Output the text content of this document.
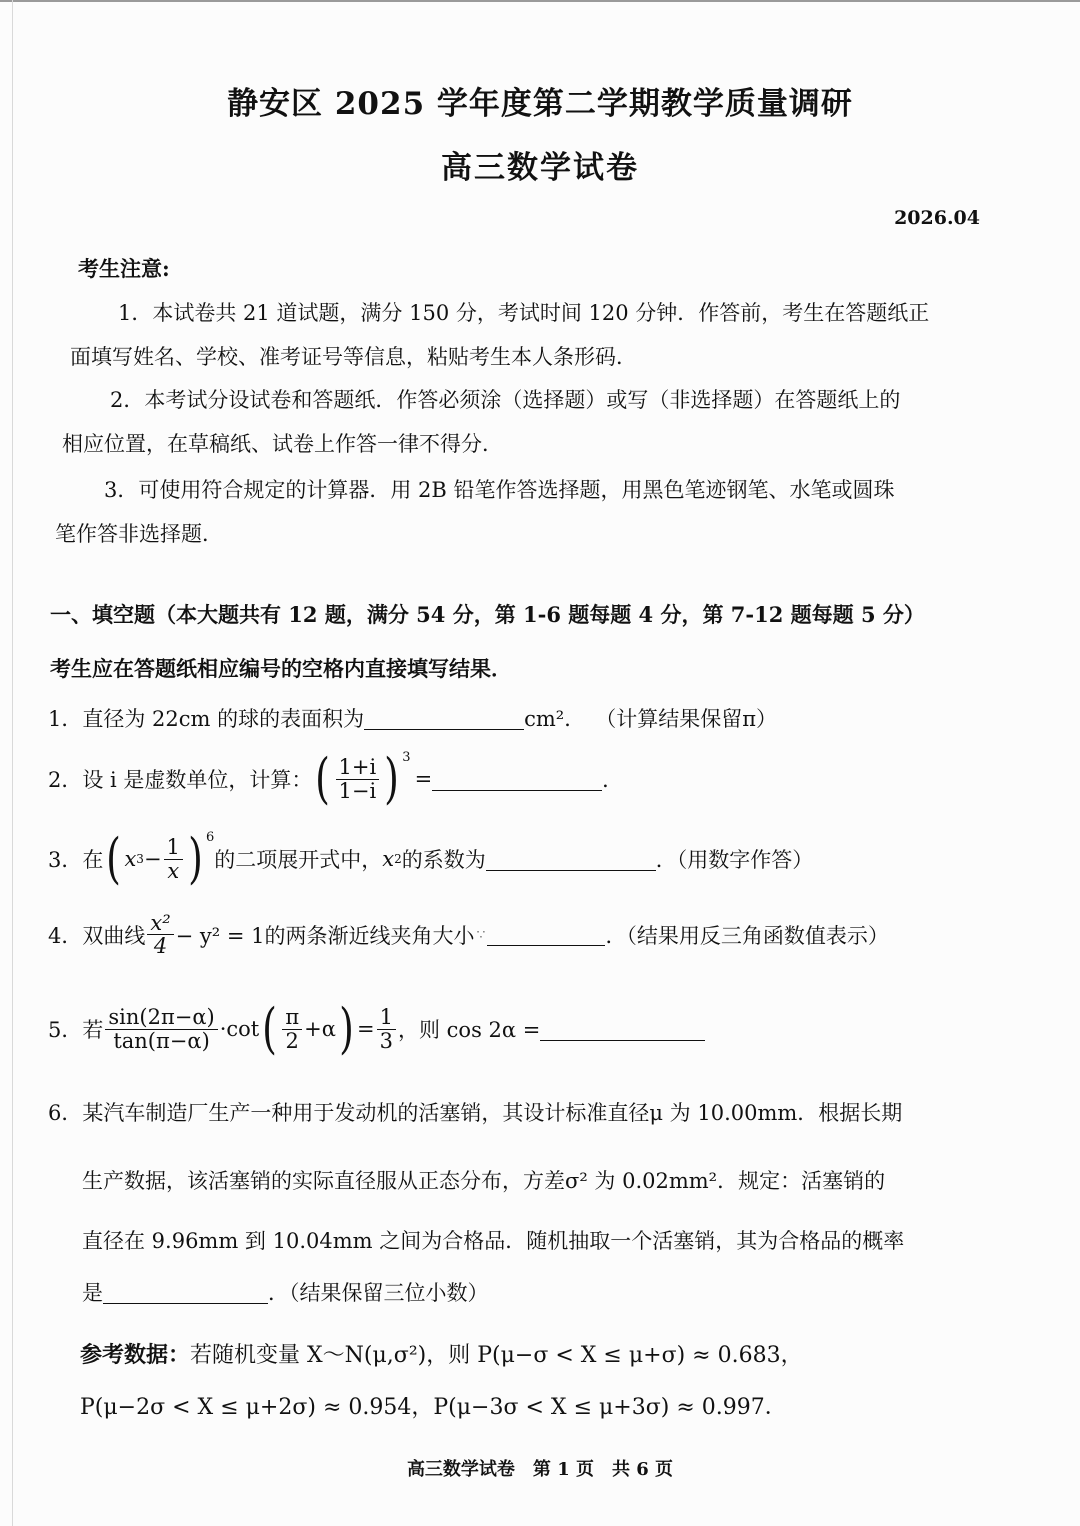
静安区 2025 学年度第二学期教学质量调研
高三数学试卷
2026.04
考生注意:
1．本试卷共 21 道试题，满分 150 分，考试时间 120 分钟．作答前，考生在答题纸正
面填写姓名、学校、准考证号等信息，粘贴考生本人条形码．
2．本考试分设试卷和答题纸．作答必须涂（选择题）或写（非选择题）在答题纸上的
相应位置，在草稿纸、试卷上作答一律不得分．
3．可使用符合规定的计算器．用 2B 铅笔作答选择题，用黑色笔迹钢笔、水笔或圆珠
笔作答非选择题．
一、填空题（本大题共有 12 题，满分 54 分，第 1-6 题每题 4 分，第 7-12 题每题 5 分）
考生应在答题纸相应编号的空格内直接填写结果．
1．直径为 22cm 的球的表面积为	cm²． （计算结果保留π）
2．设 i 是虚数单位，计算： ( $\frac{1+i}{1-i}$ ) 3
=	．
3．在 ( x $3 - \frac{1}{x}$ ) 6
的二项展开式中， x 2 的系数为	．（用数字作答）
4．双曲线 $\frac{\text{x²}}{4} - y^2 = 1$的两条渐近线夹角大小 ∵	．（结果用反三角函数值表示）
5．若 $\frac{\sin(2\pi-\alpha)}{\tan(\pi-\alpha)} \cdot\cot$ ( $\frac{\pi}{2} +\alpha$ ) = $\frac{1}{3}$ ，则 cos 2α =
6．某汽车制造厂生产一种用于发动机的活塞销，其设计标准直径μ 为 10.00mm．根据长期
生产数据，该活塞销的实际直径服从正态分布，方差σ² 为 0.02mm²．规定：活塞销的
直径在 9.96mm 到 10.04mm 之间为合格品．随机抽取一个活塞销，其为合格品的概率
是	．（结果保留三位小数）
参考数据：若随机变量 X～N(μ,σ²)，则 P(μ−σ < X ≤ μ+σ) ≈ 0.683，
P(μ−2σ < X ≤ μ+2σ) ≈ 0.954，P(μ−3σ < X ≤ μ+3σ) ≈ 0.997．
高三数学试卷　第 1 页　共 6 页
